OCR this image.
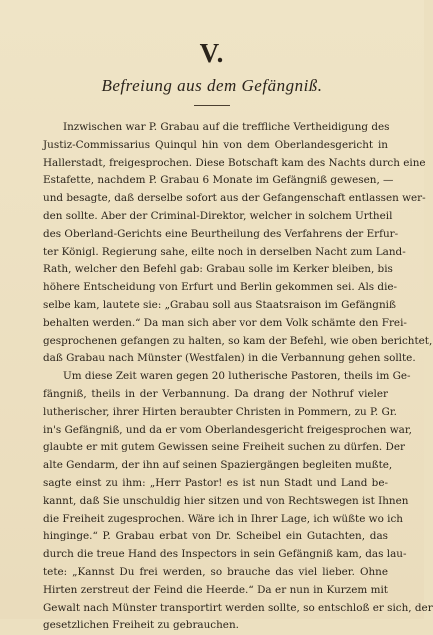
V.
Befreiung aus dem Gefängniß.
Inzwischen war P. Grabau auf die treffliche Vertheidigung des
Justiz-Commissarius Quinqul hin von dem Oberlandesgericht in
Hallerstadt, freigesprochen. Diese Botschaft kam des Nachts durch eine
Estafette, nachdem P. Grabau 6 Monate im Gefängniß gewesen, —
und besagte, daß derselbe sofort aus der Gefangenschaft entlassen wer-
den sollte. Aber der Criminal-Direktor, welcher in solchem Urtheil
des Oberland-Gerichts eine Beurtheilung des Verfahrens der Erfur-
ter Königl. Regierung sahe, eilte noch in derselben Nacht zum Land-
Rath, welcher den Befehl gab: Grabau solle im Kerker bleiben, bis
höhere Entscheidung von Erfurt und Berlin gekommen sei. Als die-
selbe kam, lautete sie: „Grabau soll aus Staatsraison im Gefängniß
behalten werden.“ Da man sich aber vor dem Volk schämte den Frei-
gesprochenen gefangen zu halten, so kam der Befehl, wie oben berichtet,
daß Grabau nach Münster (Westfalen) in die Verbannung gehen sollte.
Um diese Zeit waren gegen 20 lutherische Pastoren, theils im Ge-
fängniß, theils in der Verbannung. Da drang der Nothruf vieler
lutherischer, ihrer Hirten beraubter Christen in Pommern, zu P. Gr.
in's Gefängniß, und da er vom Oberlandesgericht freigesprochen war,
glaubte er mit gutem Gewissen seine Freiheit suchen zu dürfen. Der
alte Gendarm, der ihn auf seinen Spaziergängen begleiten mußte,
sagte einst zu ihm: „Herr Pastor! es ist nun Stadt und Land be-
kannt, daß Sie unschuldig hier sitzen und von Rechtswegen ist Ihnen
die Freiheit zugesprochen. Wäre ich in Ihrer Lage, ich wüßte wo ich
hinginge.“ P. Grabau erbat von Dr. Scheibel ein Gutachten, das
durch die treue Hand des Inspectors in sein Gefängniß kam, das lau-
tete: „Kannst Du frei werden, so brauche das viel lieber. Ohne
Hirten zerstreut der Feind die Heerde.“ Da er nun in Kurzem mit
Gewalt nach Münster transportirt werden sollte, so entschloß er sich, der
gesetzlichen Freiheit zu gebrauchen.
